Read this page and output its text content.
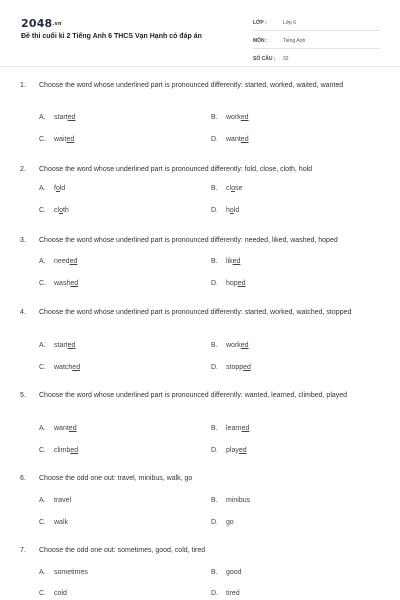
2048.vn
Đề thi cuối kì 2 Tiếng Anh 6 THCS Vạn Hạnh có đáp án
LỚP :	Lớp 6
MÔN :	Tiếng Anh
SỐ CÂU :	32
1.	Choose the word whose underlined part is pronounced differently: started, worked, waited, wanted
A.	started	B.	worked
C.	waited	D.	wanted
2.	Choose the word whose underlined part is pronounced differently: fold, close, cloth, hold
A.	fold	B.	close
C.	cloth	D.	hold
3.	Choose the word whose underlined part is pronounced differently: needed, liked, washed, hoped
A.	needed	B.	liked
C.	washed	D.	hoped
4.	Choose the word whose underlined part is pronounced differently: started, worked, watched, stopped
A.	started	B.	worked
C.	watched	D.	stopped
5.	Choose the word whose underlined part is pronounced differently: wanted, learned, climbed, played
A.	wanted	B.	learned
C.	climbed	D.	played
6.	Choose the odd one out: travel, minibus, walk, go
A.	travel	B.	minibus
C.	walk	D.	go
7.	Choose the odd one out: sometimes, good, cold, tired
A.	sometimes	B.	good
C.	cold	D.	tired
